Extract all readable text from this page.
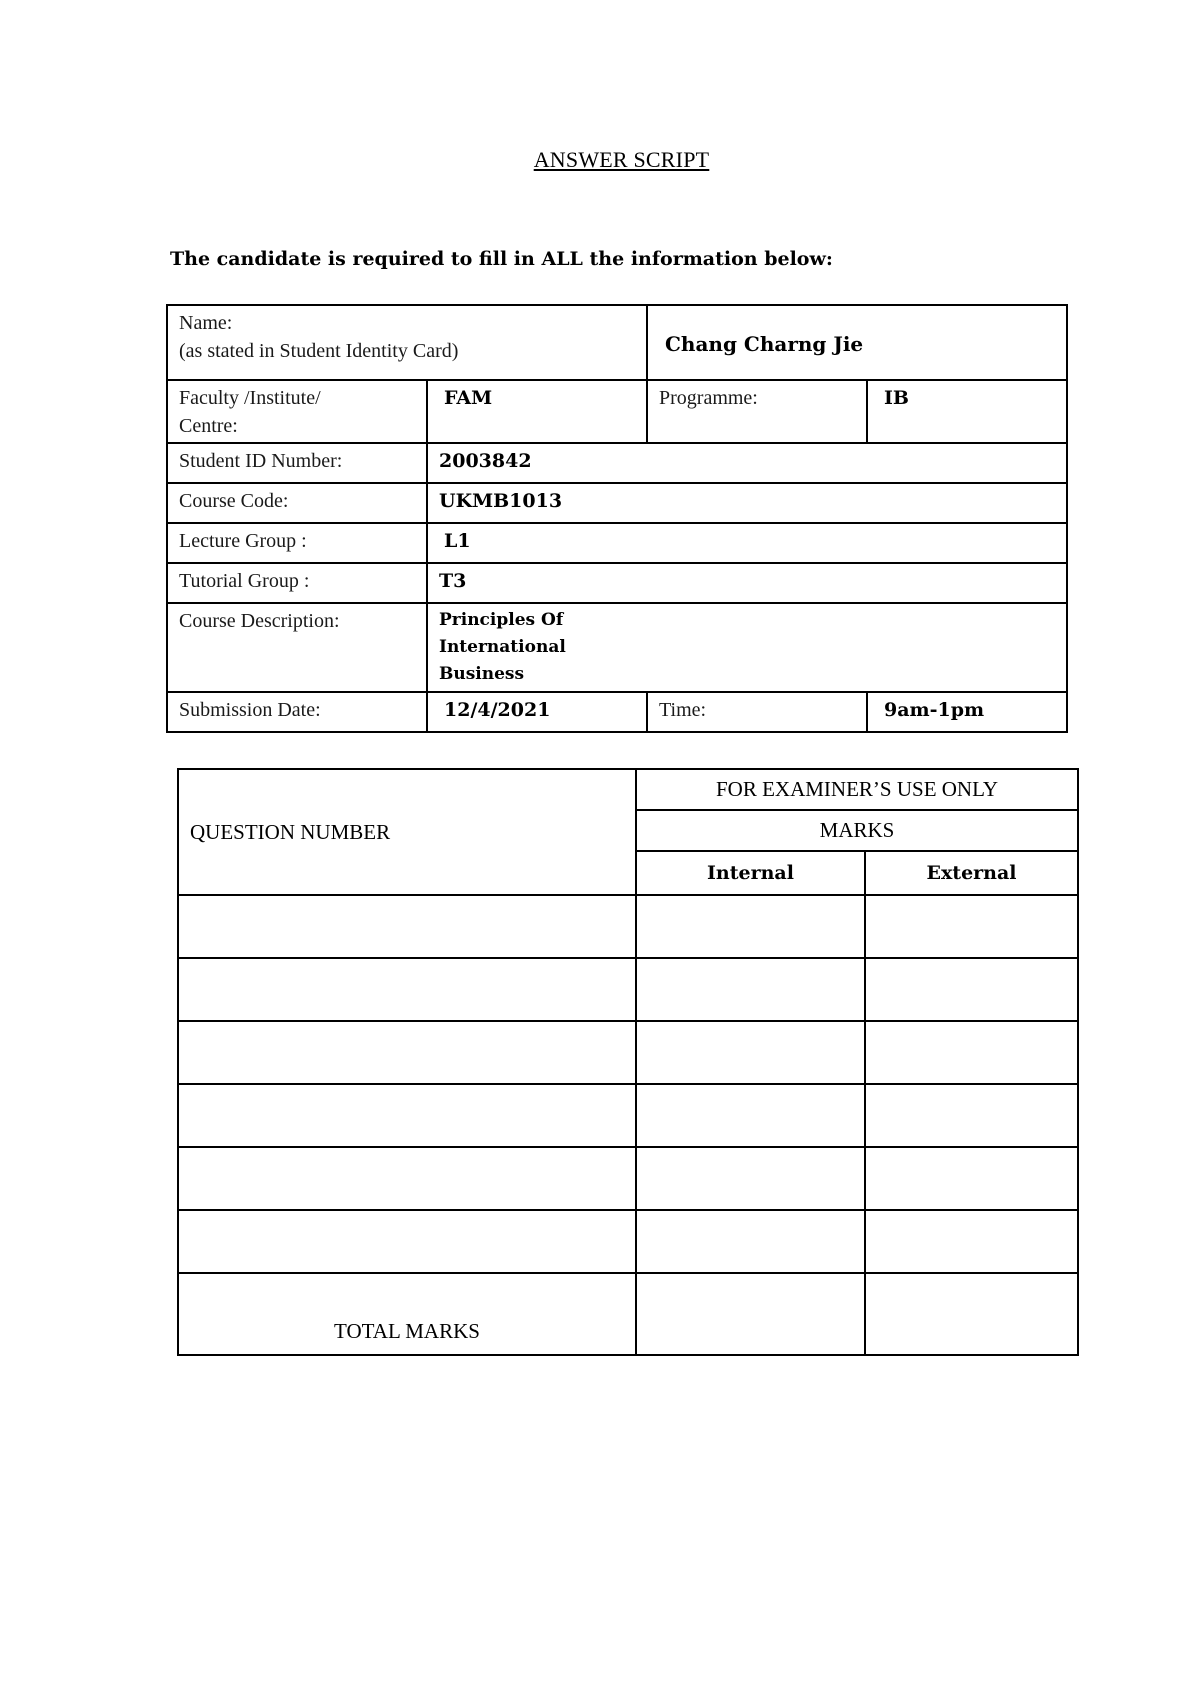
ANSWER SCRIPT
The candidate is required to fill in ALL the information below:
Name:
(as stated in Student Identity Card)		Chang Charng Jie	

Faculty /Institute/
Centre:	FAM	Programme:	IB
Student ID Number:	2003842		
Course Code:	UKMB1013		
Lecture Group :	L1		
Tutorial Group :	T3		
Course Description:	Principles Of
International
Business		

Submission Date:	12/4/2021	Time:	9am-1pm
QUESTION NUMBER	FOR EXAMINER’S USE ONLY	
	MARKS	
	Internal	External

TOTAL MARKS		
